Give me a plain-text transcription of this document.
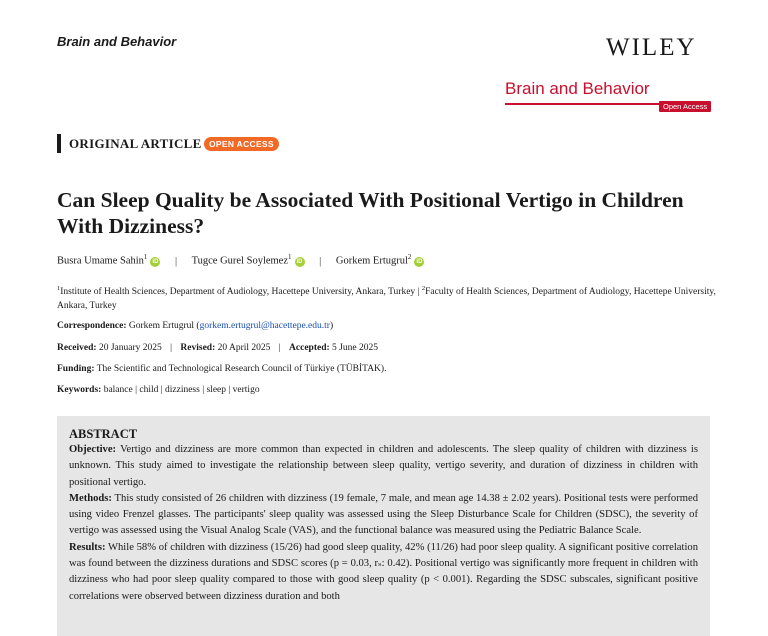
Brain and Behavior	WILEY
Brain and Behavior
Open Access
ORIGINAL ARTICLE OPEN ACCESS
Can Sleep Quality be Associated With Positional Vertigo in Children With Dizziness?
Busra Umame Sahin$^1$iD | Tugce Gurel Soylemez$^1$iD | Gorkem Ertugrul$^2$iD
$^1$Institute of Health Sciences, Department of Audiology, Hacettepe University, Ankara, Turkey | $^2$Faculty of Health Sciences, Department of Audiology, Hacettepe University, Ankara, Turkey
Correspondence: Gorkem Ertugrul (gorkem.ertugrul@hacettepe.edu.tr)
Received: 20 January 2025 | Revised: 20 April 2025 | Accepted: 5 June 2025
Funding: The Scientific and Technological Research Council of Türkiye (TÜBİTAK).
Keywords: balance | child | dizziness | sleep | vertigo

ABSTRACT

Objective: Vertigo and dizziness are more common than expected in children and adolescents. The sleep quality of children with dizziness is unknown. This study aimed to investigate the relationship between sleep quality, vertigo severity, and duration of dizziness in children with positional vertigo.

Methods: This study consisted of 26 children with dizziness (19 female, 7 male, and mean age 14.38 ± 2.02 years). Positional tests were performed using video Frenzel glasses. The participants' sleep quality was assessed using the Sleep Disturbance Scale for Children (SDSC), the severity of vertigo was assessed using the Visual Analog Scale (VAS), and the functional balance was measured using the Pediatric Balance Scale.

Results: While 58% of children with dizziness (15/26) had good sleep quality, 42% (11/26) had poor sleep quality. A significant positive correlation was found between the dizziness durations and SDSC scores (p = 0.03, rₛ: 0.42). Positional vertigo was significantly more frequent in children with dizziness who had poor sleep quality compared to those with good sleep quality (p < 0.001). Regarding the SDSC subscales, significant positive correlations were observed between dizziness duration and both
